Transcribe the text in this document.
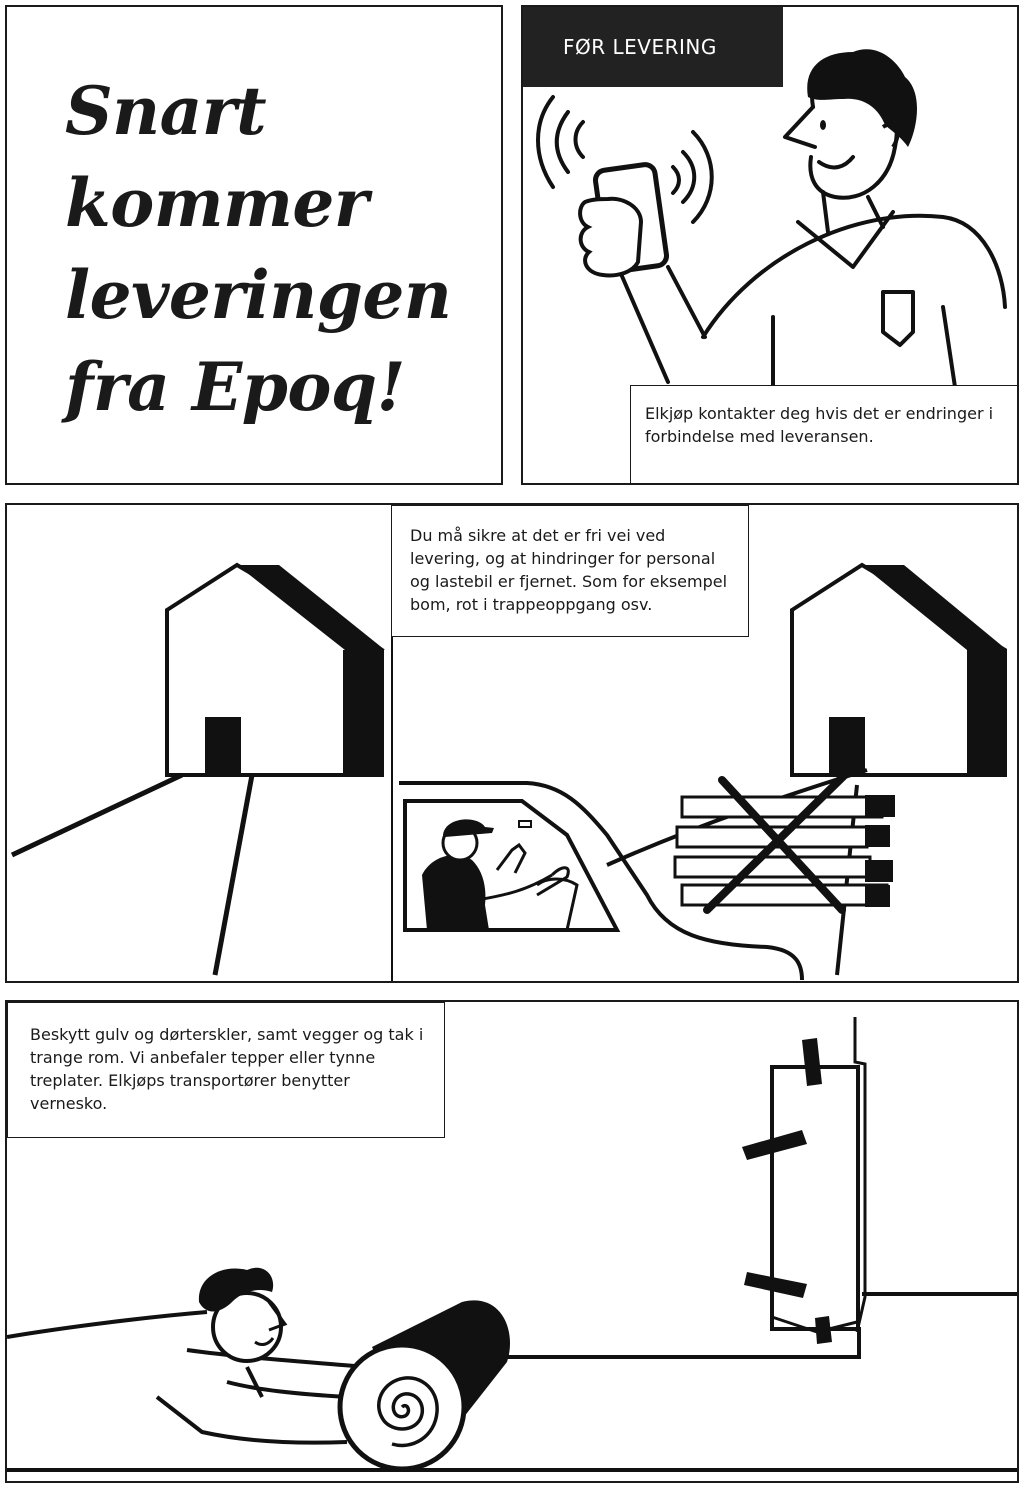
Snart
kommer
leveringen
fra Epoq!
FØR LEVERING
Elkjøp kontakter deg hvis det er endringer i forbindelse med leveransen.
Du må sikre at det er fri vei ved levering, og at hindringer for personal og lastebil er fjernet. Som for eksempel bom, rot i trappeoppgang osv.
Beskytt gulv og dørterskler, samt vegger og tak i trange rom. Vi anbefaler tepper eller tynne treplater. Elkjøps transportører benytter vernesko.
